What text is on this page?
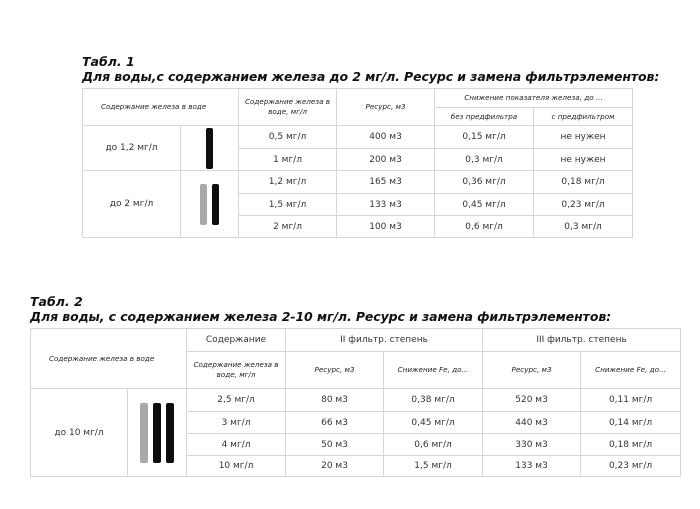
Табл. 1
Для воды,с содержанием железа до 2 мг/л. Ресурс и замена фильтрэлементов:
Содержание железа в воде		Содержание железа в воде, мг/л	Ресурс, м3	Снижение показателя железа, до ...	
				без предфильтра	с предфильтром
до 1,2 мг/л		0,5 мг/л	400 м3	0,15 мг/л	не нужен
		1 мг/л	200 м3	0,3 мг/л	не нужен
до 2 мг/л		1,2 мг/л	165 м3	0,36 мг/л	0,18 мг/л
		1,5 мг/л	133 м3	0,45 мг/л	0,23 мг/л
		2 мг/л	100 м3	0,6 мг/л	0,3 мг/л
Табл. 2
Для воды, с содержанием железа 2-10 мг/л. Ресурс и замена фильтрэлементов:
Содержание железа в воде		Содержание	II фильтр. степень		III фильтр. степень	
		Содержание железа в воде, мг/л	Ресурс, м3	Снижение Fe, до...	Ресурс, м3	Снижение Fe, до...
до 10 мг/л						

		2,5 мг/л	80 м3	0,38 мг/л	520 м3	0,11 мг/л
		3 мг/л	66 м3	0,45 мг/л	440 м3	0,14 мг/л
		4 мг/л	50 м3	0,6 мг/л	330 м3	0,18 мг/л
		10 мг/л	20 м3	1,5 мг/л	133 м3	0,23 мг/л
